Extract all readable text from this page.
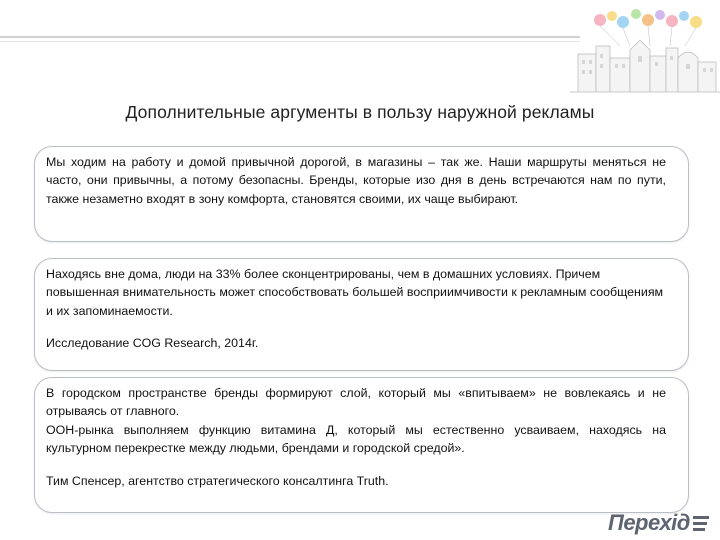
Дополнительные аргументы в пользу наружной рекламы

Мы ходим на работу и домой привычной дорогой, в магазины – так же. Наши маршруты меняться не часто, они привычны, а потому безопасны. Бренды, которые изо дня в день встречаются нам по пути, также незаметно входят в зону комфорта, становятся своими, их чаще выбирают.

Находясь вне дома, люди на 33% более сконцентрированы, чем в домашних условиях. Причем повышенная внимательность может способствовать большей восприимчивости к рекламным сообщениям и их запоминаемости.

Исследование COG Research, 2014г.

В городском пространстве бренды формируют слой, который мы «впитываем» не вовлекаясь и не отрываясь от главного.

OOH-рынка выполняем функцию витамина Д, который мы естественно усваиваем, находясь на культурном перекрестке между людьми, брендами и городской средой».

Тим Спенсер, агентство стратегического консалтинга Truth.

Перехід
